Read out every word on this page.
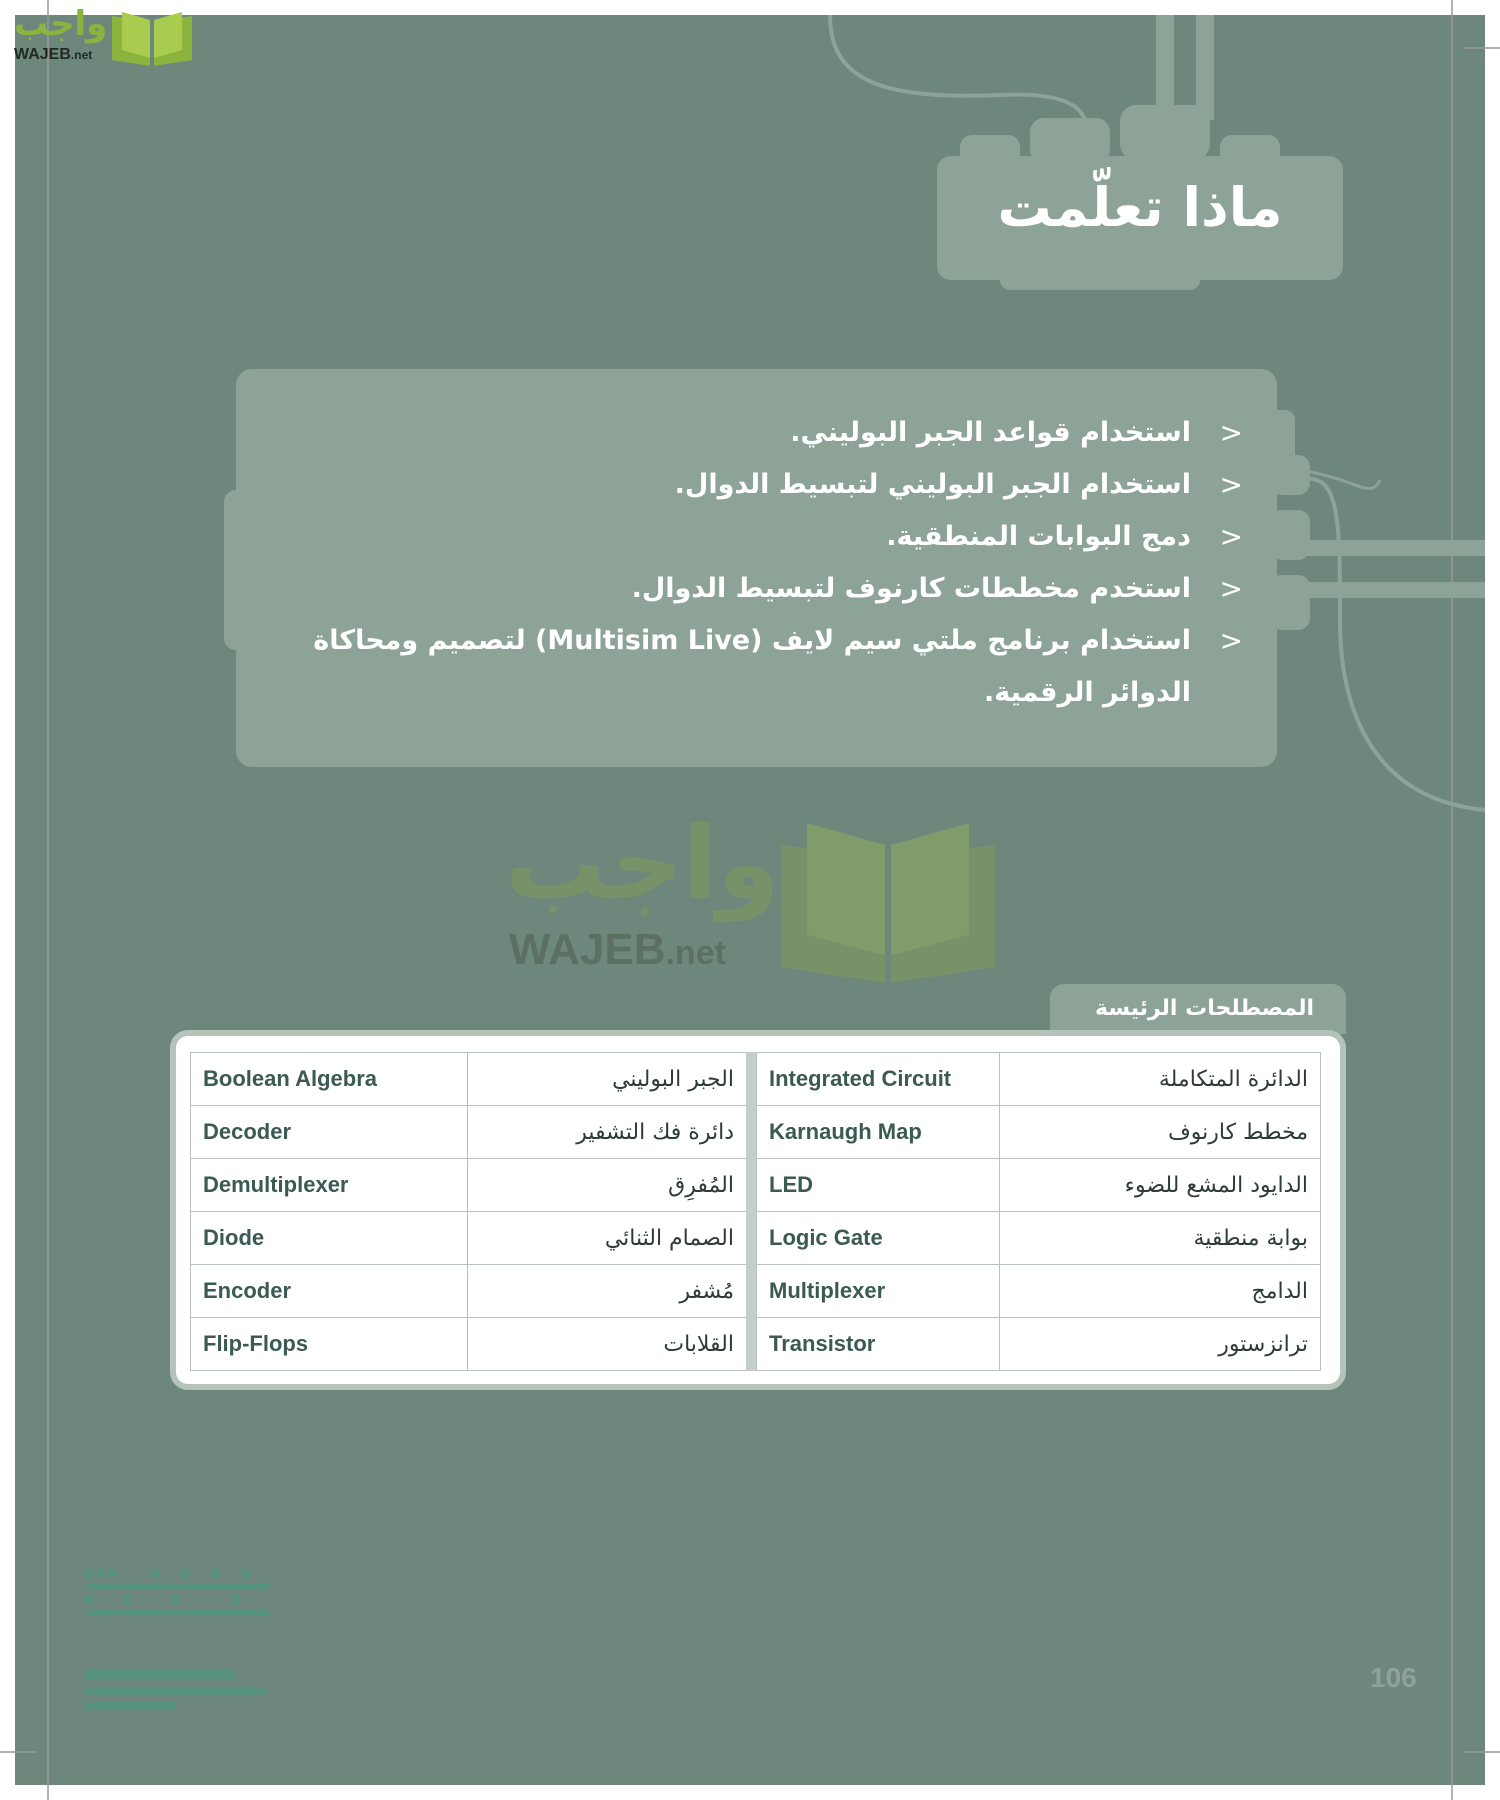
واجب
WAJEB.net
ماذا تعلّمت
<
استخدام قواعد الجبر البوليني.
<
استخدام الجبر البوليني لتبسيط الدوال.
<
دمج البوابات المنطقية.
<
استخدم مخططات كارنوف لتبسيط الدوال.
<
استخدام برنامج ملتي سيم لايف (Multisim Live) لتصميم ومحاكاة الدوائر الرقمية.
واجب
WAJEB.net
المصطلحات الرئيسة
Boolean Algebra	الجبر البوليني		Integrated Circuit	الدائرة المتكاملة
Decoder	دائرة فك التشفير		Karnaugh Map	مخطط كارنوف
Demultiplexer	المُفرِق		LED	الدايود المشع للضوء
Diode	الصمام الثنائي		Logic Gate	بوابة منطقية
Encoder	مُشفر		Multiplexer	الدامج
Flip-Flops	القلابات		Transistor	ترانزستور
106
